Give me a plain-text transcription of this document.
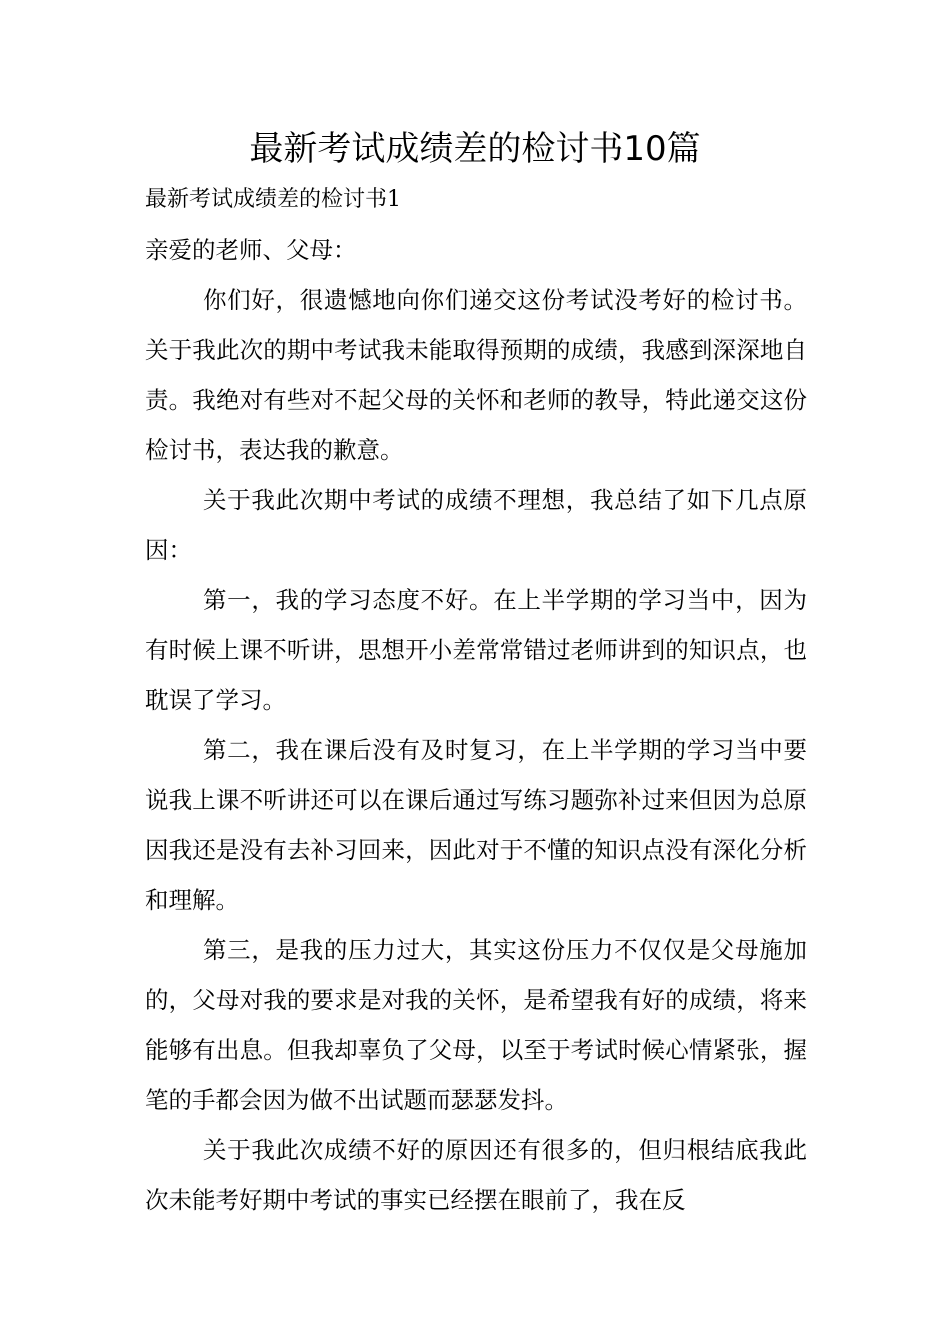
最新考试成绩差的检讨书10篇

最新考试成绩差的检讨书1

亲爱的老师、父母：

你们好，很遗憾地向你们递交这份考试没考好的检讨书。关于我此次的期中考试我未能取得预期的成绩，我感到深深地自责。我绝对有些对不起父母的关怀和老师的教导，特此递交这份检讨书，表达我的歉意。

关于我此次期中考试的成绩不理想，我总结了如下几点原因：

第一，我的学习态度不好。在上半学期的学习当中，因为有时候上课不听讲，思想开小差常常错过老师讲到的知识点，也耽误了学习。

第二，我在课后没有及时复习，在上半学期的学习当中要说我上课不听讲还可以在课后通过写练习题弥补过来但因为总原因我还是没有去补习回来，因此对于不懂的知识点没有深化分析和理解。

第三，是我的压力过大，其实这份压力不仅仅是父母施加的，父母对我的要求是对我的关怀，是希望我有好的成绩，将来能够有出息。但我却辜负了父母，以至于考试时候心情紧张，握笔的手都会因为做不出试题而瑟瑟发抖。

关于我此次成绩不好的原因还有很多的，但归根结底我此次未能考好期中考试的事实已经摆在眼前了，我在反
